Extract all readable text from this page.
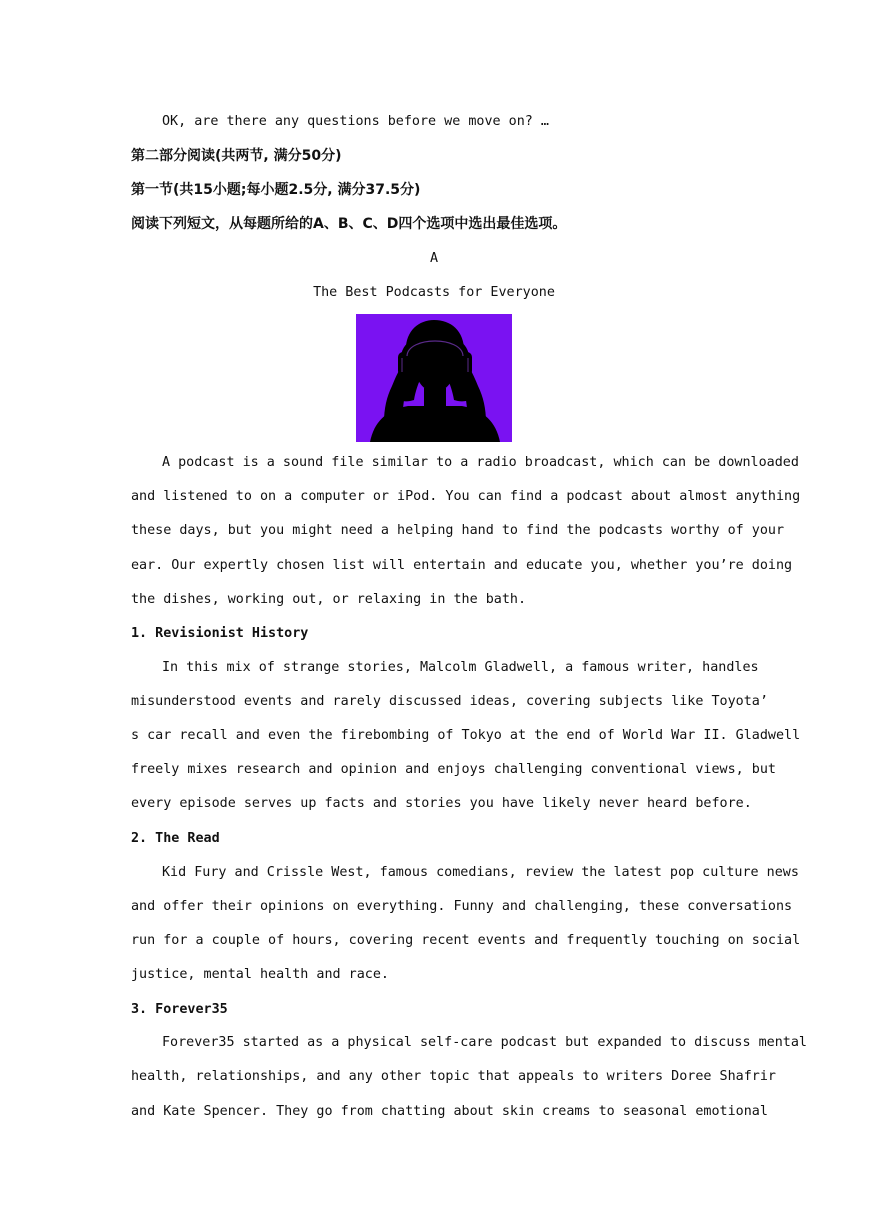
OK, are there any questions before we move on? …
第二部分阅读(共两节, 满分50分)
第一节(共15小题;每小题2.5分, 满分37.5分)
阅读下列短文，从每题所给的A、B、C、D四个选项中选出最佳选项。
A
The Best Podcasts for Everyone
A podcast is a sound file similar to a radio broadcast, which can be downloaded
and listened to on a computer or iPod. You can find a podcast about almost anything
these days, but you might need a helping hand to find the podcasts worthy of your
ear. Our expertly chosen list will entertain and educate you, whether you’re doing
the dishes, working out, or relaxing in the bath.
1. Revisionist History
In this mix of strange stories, Malcolm Gladwell, a famous writer, handles
misunderstood events and rarely discussed ideas, covering subjects like Toyota’
s car recall and even the firebombing of Tokyo at the end of World War II. Gladwell
freely mixes research and opinion and enjoys challenging conventional views, but
every episode serves up facts and stories you have likely never heard before.
2. The Read
Kid Fury and Crissle West, famous comedians, review the latest pop culture news
and offer their opinions on everything. Funny and challenging, these conversations
run for a couple of hours, covering recent events and frequently touching on social
justice, mental health and race.
3. Forever35
Forever35 started as a physical self-care podcast but expanded to discuss mental
health, relationships, and any other topic that appeals to writers Doree Shafrir
and Kate Spencer. They go from chatting about skin creams to seasonal emotional
